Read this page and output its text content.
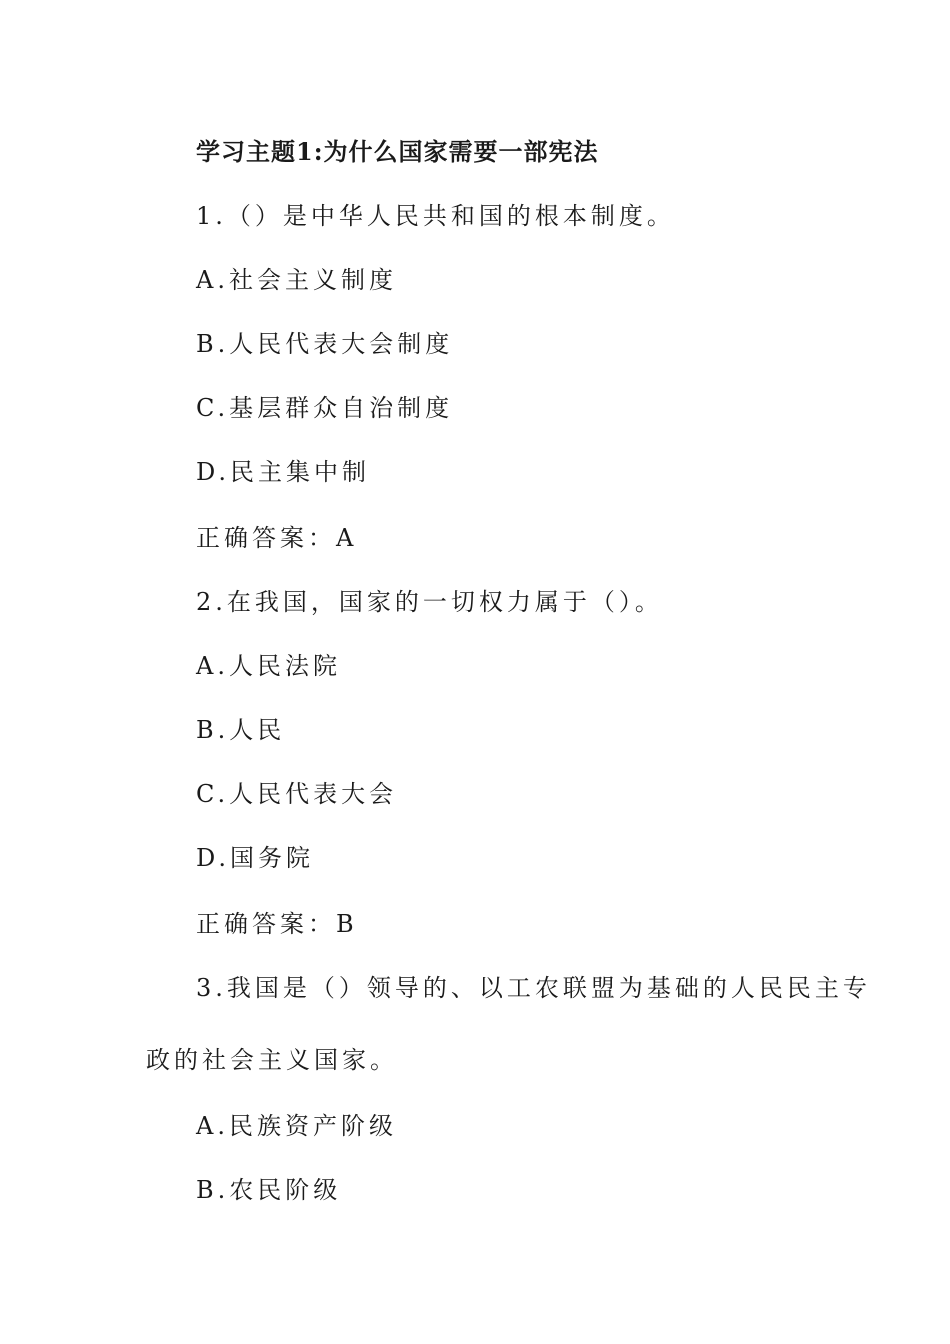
学习主题1:为什么国家需要一部宪法
1.（）是中华人民共和国的根本制度。
A.社会主义制度
B.人民代表大会制度
C.基层群众自治制度
D.民主集中制
正确答案：A
2.在我国，国家的一切权力属于（）。
A.人民法院
B.人民
C.人民代表大会
D.国务院
正确答案：B
3.我国是（）领导的、以工农联盟为基础的人民民主专
政的社会主义国家。
A.民族资产阶级
B.农民阶级
